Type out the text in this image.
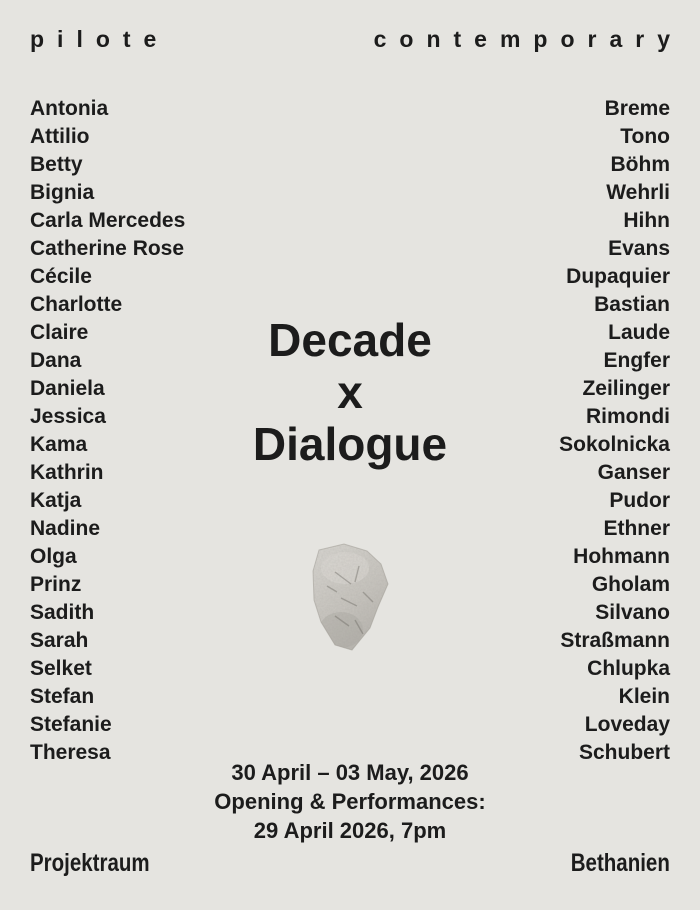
pilote	contemporary
Antonia
Attilio
Betty
Bignia
Carla Mercedes
Catherine Rose
Cécile
Charlotte
Claire
Dana
Daniela
Jessica
Kama
Kathrin
Katja
Nadine
Olga
Prinz
Sadith
Sarah
Selket
Stefan
Stefanie
Theresa
Breme
Tono
Böhm
Wehrli
Hihn
Evans
Dupaquier
Bastian
Laude
Engfer
Zeilinger
Rimondi
Sokolnicka
Ganser
Pudor
Ethner
Hohmann
Gholam
Silvano
Straßmann
Chlupka
Klein
Loveday
Schubert
Decade
x
Dialogue
30 April – 03 May, 2026
Opening & Performances:
29 April 2026, 7pm
Projektraum	Bethanien
